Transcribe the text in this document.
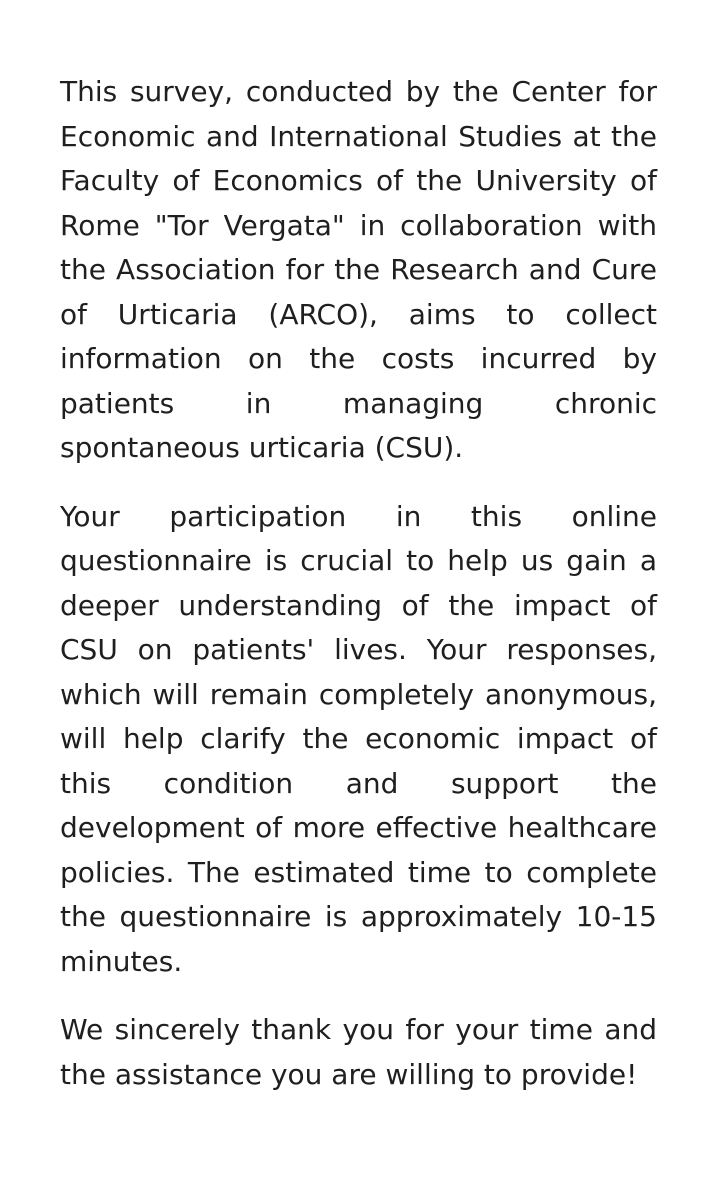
This survey, conducted by the Center for Economic and International Studies at the Faculty of Economics of the University of Rome "Tor Vergata" in collaboration with the Association for the Research and Cure of Urticaria (ARCO), aims to collect information on the costs incurred by patients in managing chronic spontaneous urticaria (CSU).

Your participation in this online questionnaire is crucial to help us gain a deeper understanding of the impact of CSU on patients' lives. Your responses, which will remain completely anonymous, will help clarify the economic impact of this condition and support the development of more effective healthcare policies. The estimated time to complete the questionnaire is approximately 10-15 minutes.

We sincerely thank you for your time and the assistance you are willing to provide!
